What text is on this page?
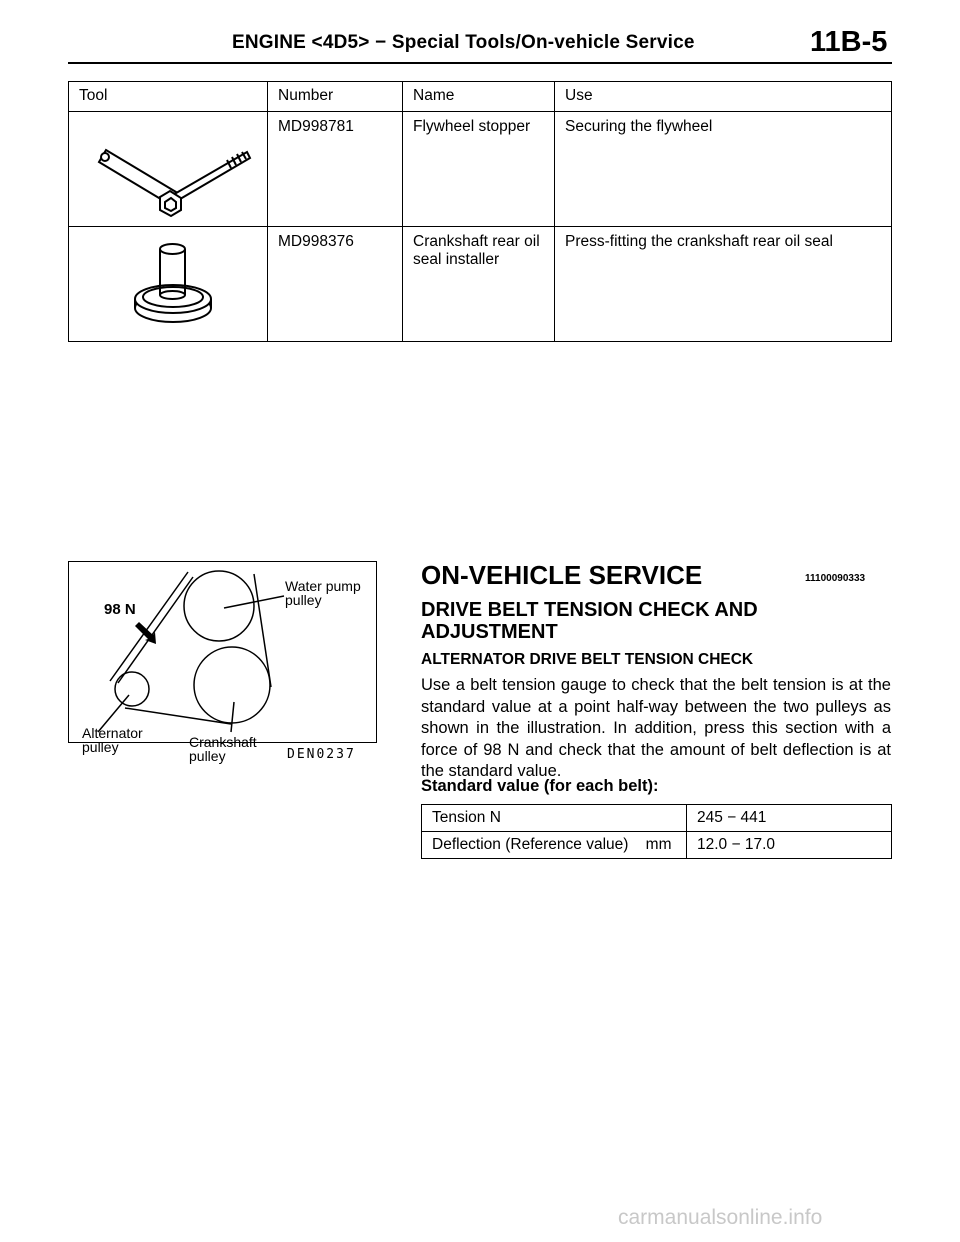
ENGINE <4D5> − Special Tools/On-vehicle Service	11B-5
Tool	Number	Name	Use

	MD998781	Flywheel stopper	Securing the flywheel

	MD998376	Crankshaft rear oil seal installer	Press-fitting the crankshaft rear oil seal
98 N
Water pump
pulley
Alternator
pulley	Crankshaft
pulley	DEN0237
ON-VEHICLE SERVICE	11100090333
DRIVE BELT TENSION CHECK AND ADJUSTMENT
ALTERNATOR DRIVE BELT TENSION CHECK
Use a belt tension gauge to check that the belt tension is at the standard value at a point half-way between the two pulleys as shown in the illustration. In addition, press this section with a force of 98 N and check that the amount of belt deflection is at the standard value.
Standard value (for each belt):
Tension N	245 − 441
Deflection (Reference value)    mm	12.0 − 17.0
carmanualsonline.info
